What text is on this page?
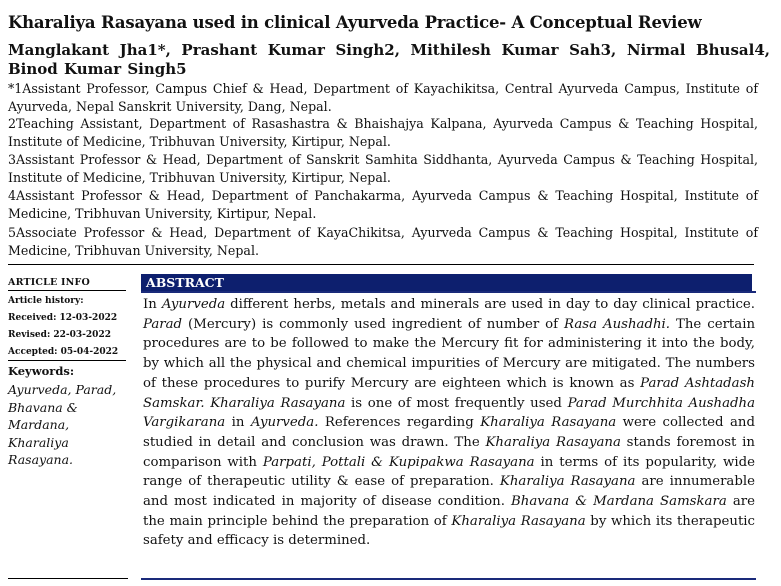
Kharaliya Rasayana used in clinical Ayurveda Practice- A Conceptual Review
Manglakant Jha1*, Prashant Kumar Singh2, Mithilesh Kumar Sah3, Nirmal Bhusal4, Binod Kumar Singh5
*1Assistant Professor, Campus Chief & Head, Department of Kayachikitsa, Central Ayurveda Campus, Institute of Ayurveda, Nepal Sanskrit University, Dang, Nepal.
2Teaching Assistant, Department of Rasashastra & Bhaishajya Kalpana, Ayurveda Campus & Teaching Hospital, Institute of Medicine, Tribhuvan University, Kirtipur, Nepal.
3Assistant Professor & Head, Department of Sanskrit Samhita Siddhanta, Ayurveda Campus & Teaching Hospital, Institute of Medicine, Tribhuvan University, Kirtipur, Nepal.
4Assistant Professor & Head, Department of Panchakarma, Ayurveda Campus & Teaching Hospital, Institute of Medicine, Tribhuvan University, Kirtipur, Nepal.
5Associate Professor & Head, Department of KayaChikitsa, Ayurveda Campus & Teaching Hospital, Institute of Medicine, Tribhuvan University, Nepal.
ARTICLE INFO
Article history:
Received: 12-03-2022
Revised: 22-03-2022
Accepted: 05-04-2022
Keywords:
Ayurveda, Parad, Bhavana & Mardana, Kharaliya Rasayana.
ABSTRACT
In Ayurveda different herbs, metals and minerals are used in day to day clinical practice. Parad (Mercury) is commonly used ingredient of number of Rasa Aushadhi. The certain procedures are to be followed to make the Mercury fit for administering it into the body, by which all the physical and chemical impurities of Mercury are mitigated. The numbers of these procedures to purify Mercury are eighteen which is known as Parad Ashtadash Samskar. Kharaliya Rasayana is one of most frequently used Parad Murchhita Aushadha Vargikarana in Ayurveda. References regarding Kharaliya Rasayana were collected and studied in detail and conclusion was drawn. The Kharaliya Rasayana stands foremost in comparison with Parpati, Pottali & Kupipakwa Rasayana in terms of its popularity, wide range of therapeutic utility & ease of preparation. Kharaliya Rasayana are innumerable and most indicated in majority of disease condition. Bhavana & Mardana Samskara are the main principle behind the preparation of Kharaliya Rasayana by which its therapeutic safety and efficacy is determined.
